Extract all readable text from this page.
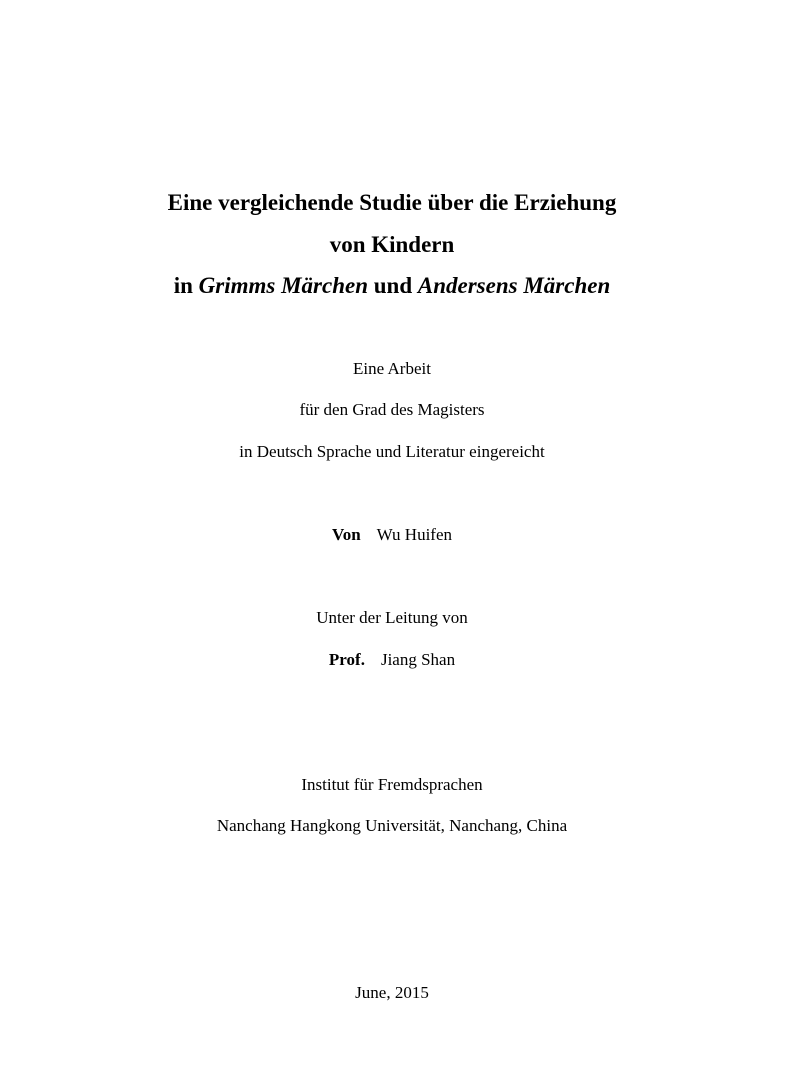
Eine vergleichende Studie über die Erziehung
von Kindern
in Grimms Märchen und Andersens Märchen
Eine Arbeit
für den Grad des Magisters
in Deutsch Sprache und Literatur eingereicht
Von Wu Huifen
Unter der Leitung von
Prof. Jiang Shan
Institut für Fremdsprachen
Nanchang Hangkong Universität, Nanchang, China
June, 2015
